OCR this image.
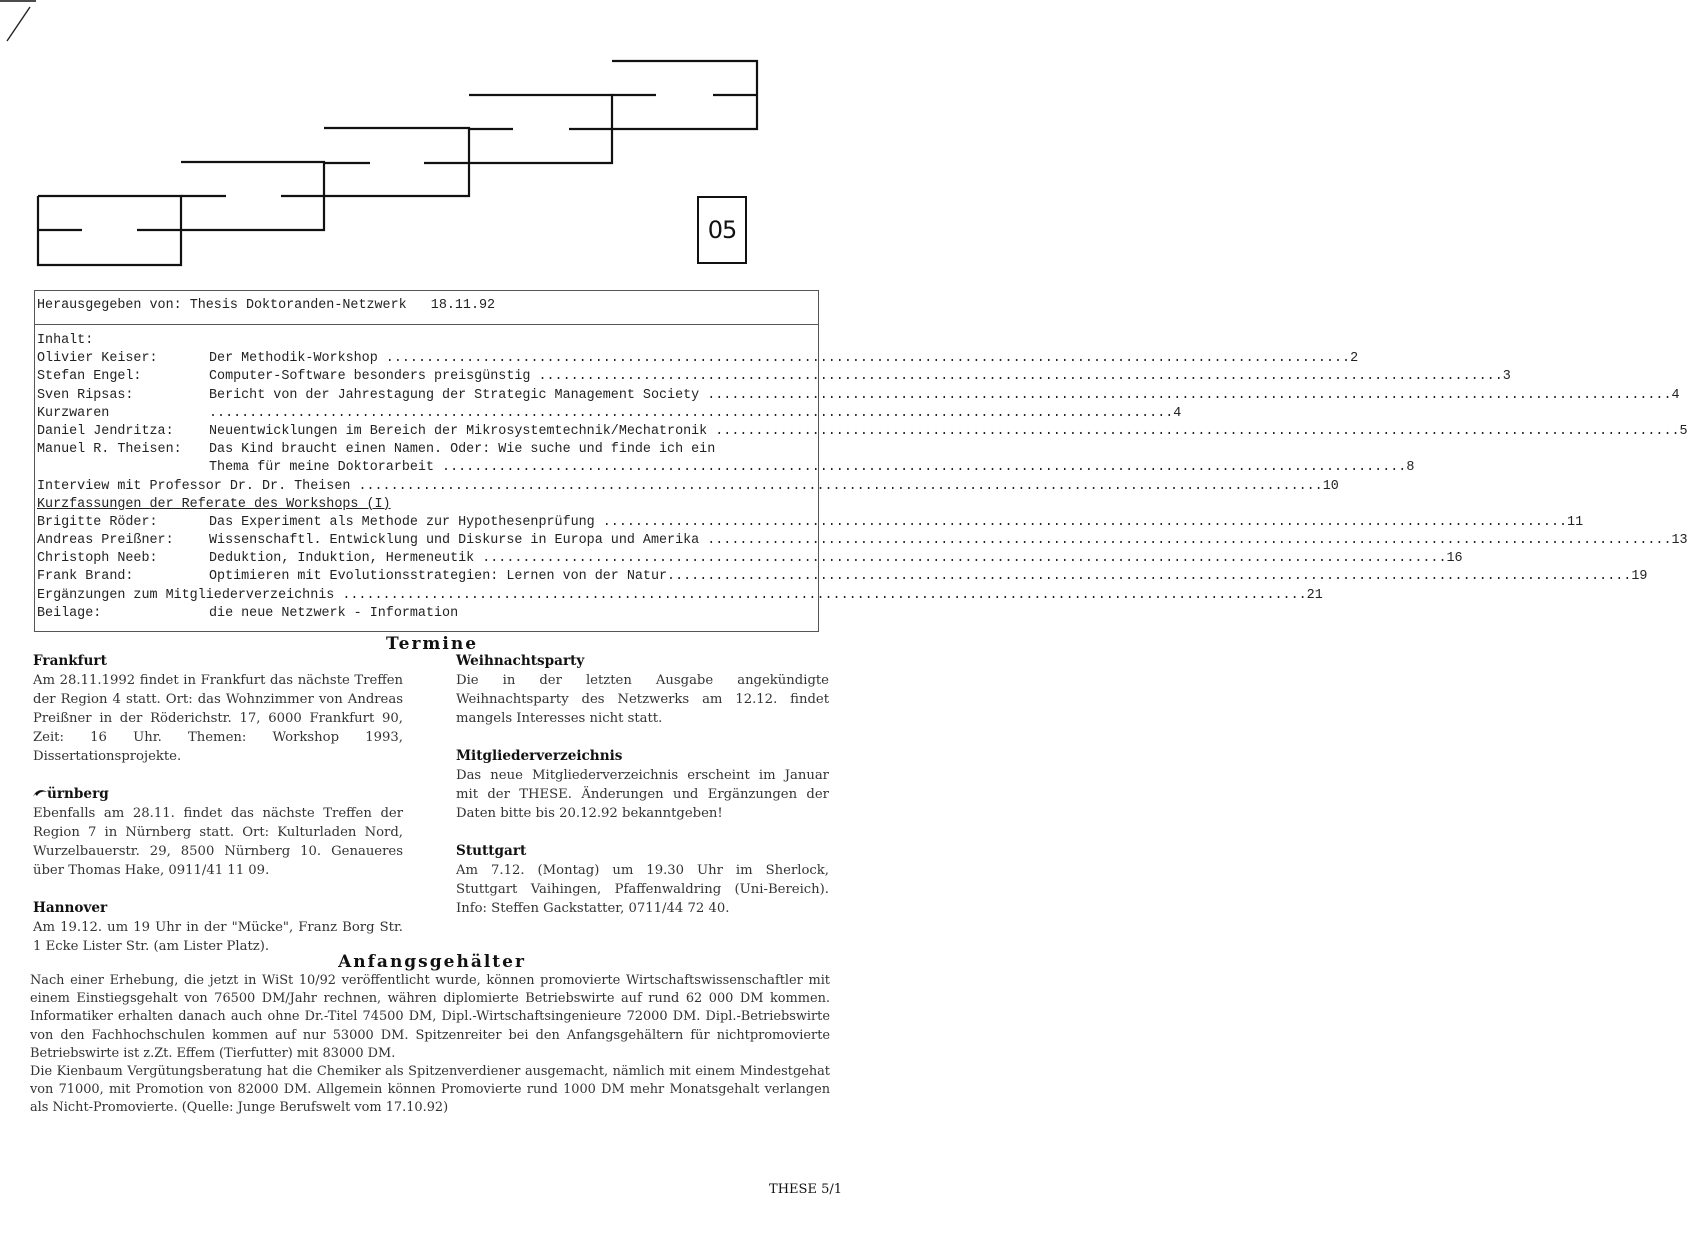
05
Herausgegeben von: Thesis Doktoranden-Netzwerk 18.11.92
Inhalt:
Olivier Keiser:	Der Methodik-Workshop .....	2
Stefan Engel:	Computer-Software besonders preisgünstig .....	3
Sven Ripsas:	Bericht von der Jahrestagung der Strategic Management Society .....	4
Kurzwaren .....	4
Daniel Jendritza:	Neuentwicklungen im Bereich der Mikrosystemtechnik/Mechatronik .....	5
Manuel R. Theisen:	Das Kind braucht einen Namen. Oder: Wie suche und finde ich ein
Thema für meine Doktorarbeit .....	8
Interview mit Professor Dr. Dr. Theisen .....	10
Kurzfassungen der Referate des Workshops (I)
Brigitte Röder:	Das Experiment als Methode zur Hypothesenprüfung .....	11
Andreas Preißner:	Wissenschaftl. Entwicklung und Diskurse in Europa und Amerika .....	13
Christoph Neeb:	Deduktion, Induktion, Hermeneutik .....	16
Frank Brand:	Optimieren mit Evolutionsstrategien: Lernen von der Natur .....	19
Ergänzungen zum Mitgliederverzeichnis .....	21
Beilage:	die neue Netzwerk - Information
Termine
Frankfurt

Am 28.11.1992 findet in Frankfurt das nächste Treffen der Region 4 statt. Ort: das Wohnzimmer von Andreas Preißner in der Röderichstr. 17, 6000 Frankfurt 90, Zeit: 16 Uhr. Themen: Workshop 1993, Dissertationsprojekte.

ürnberg

Ebenfalls am 28.11. findet das nächste Treffen der Region 7 in Nürnberg statt. Ort: Kulturladen Nord, Wurzelbauerstr. 29, 8500 Nürnberg 10. Genaueres über Thomas Hake, 0911/41 11 09.

Hannover

Am 19.12. um 19 Uhr in der "Mücke", Franz Borg Str. 1 Ecke Lister Str. (am Lister Platz).

Weihnachtsparty

Die in der letzten Ausgabe angekündigte Weihnachtsparty des Netzwerks am 12.12. findet mangels Interesses nicht statt.

Mitgliederverzeichnis

Das neue Mitgliederverzeichnis erscheint im Januar mit der THESE. Änderungen und Ergänzungen der Daten bitte bis 20.12.92 bekanntgeben!

Stuttgart

Am 7.12. (Montag) um 19.30 Uhr im Sherlock, Stuttgart Vaihingen, Pfaffenwaldring (Uni-Bereich). Info: Steffen Gackstatter, 0711/44 72 40.

Anfangsgehälter

Nach einer Erhebung, die jetzt in WiSt 10/92 veröffentlicht wurde, können promovierte Wirtschaftswissenschaftler mit einem Einstiegsgehalt von 76500 DM/Jahr rechnen, währen diplomierte Betriebswirte auf rund 62 000 DM kommen. Informatiker erhalten danach auch ohne Dr.-Titel 74500 DM, Dipl.-Wirtschaftsingenieure 72000 DM. Dipl.-Betriebswirte von den Fachhochschulen kommen auf nur 53000 DM. Spitzenreiter bei den Anfangsgehältern für nichtpromovierte Betriebswirte ist z.Zt. Effem (Tierfutter) mit 83000 DM.

Die Kienbaum Vergütungsberatung hat die Chemiker als Spitzenverdiener ausgemacht, nämlich mit einem Mindestgehat von 71000, mit Promotion von 82000 DM. Allgemein können Promovierte rund 1000 DM mehr Monatsgehalt verlangen als Nicht-Promovierte. (Quelle: Junge Berufswelt vom 17.10.92)

THESE 5/1
